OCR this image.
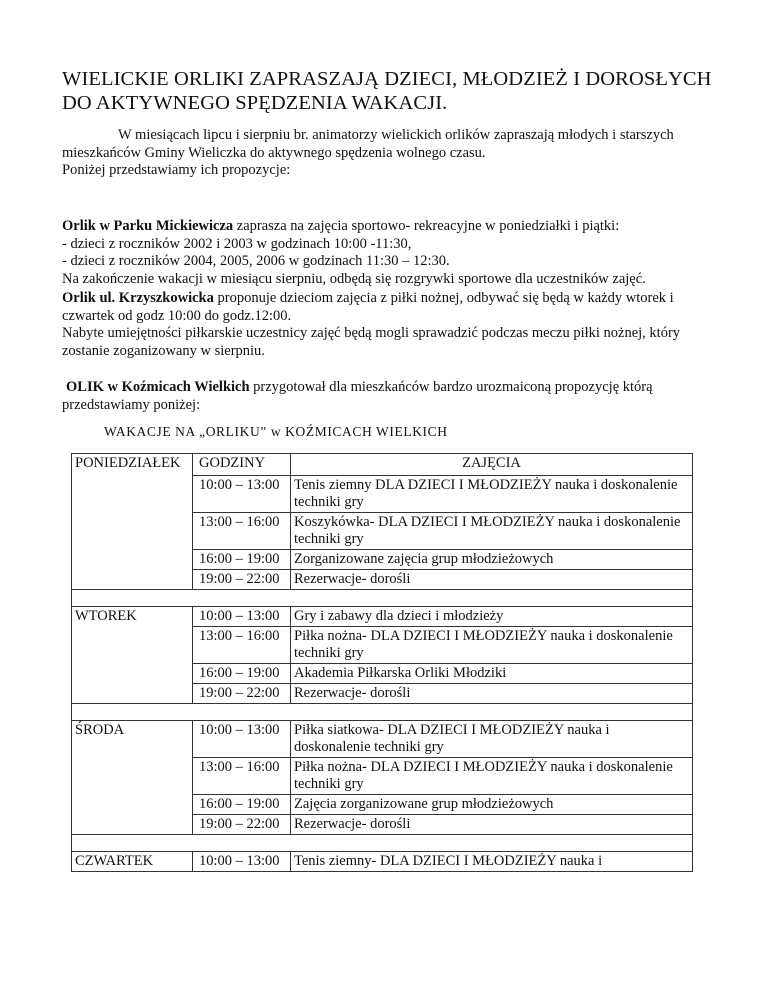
WIELICKIE ORLIKI ZAPRASZAJĄ DZIECI, MŁODZIEŻ I DOROSŁYCH DO AKTYWNEGO SPĘDZENIA WAKACJI.

W miesiącach lipcu i sierpniu br. animatorzy wielickich orlików zapraszają młodych i starszych mieszkańców Gminy Wieliczka do aktywnego spędzenia wolnego czasu.
Poniżej przedstawiamy ich propozycje:

Orlik w Parku Mickiewicza zaprasza na zajęcia sportowo- rekreacyjne w poniedziałki i piątki:
- dzieci z roczników 2002 i 2003 w godzinach 10:00 -11:30,
- dzieci z roczników 2004, 2005, 2006 w godzinach 11:30 – 12:30.
Na zakończenie wakacji w miesiącu sierpniu, odbędą się rozgrywki sportowe dla uczestników zajęć.

Orlik ul. Krzyszkowicka proponuje dzieciom zajęcia z piłki nożnej, odbywać się będą w każdy wtorek i czwartek od godz 10:00 do godz.12:00.
Nabyte umiejętności piłkarskie uczestnicy zajęć będą mogli sprawadzić podczas meczu piłki nożnej, który zostanie zoganizowany w sierpniu.

OLIK w Koźmicach Wielkich przygotował dla mieszkańców bardzo urozmaiconą propozycję którą przedstawiamy poniżej:

WAKACJE NA „ORLIKU” w KOŹMICACH WIELKICH

PONIEDZIAŁEK	GODZINY	ZAJĘCIA
	10:00 – 13:00	Tenis ziemny DLA DZIECI I MŁODZIEŻY nauka i doskonalenie techniki gry
	13:00 – 16:00	Koszykówka- DLA DZIECI I MŁODZIEŻY nauka i doskonalenie techniki gry
	16:00 – 19:00	Zorganizowane zajęcia grup młodzieżowych
	19:00 – 22:00	Rezerwacje- dorośli

WTOREK	10:00 – 13:00	Gry i zabawy dla dzieci i młodzieży
	13:00 – 16:00	Piłka nożna- DLA DZIECI I MŁODZIEŻY nauka i doskonalenie techniki gry
	16:00 – 19:00	Akademia Piłkarska Orliki Młodziki
	19:00 – 22:00	Rezerwacje- dorośli

ŚRODA	10:00 – 13:00	Piłka siatkowa- DLA DZIECI I MŁODZIEŻY nauka i doskonalenie techniki gry
	13:00 – 16:00	Piłka nożna- DLA DZIECI I MŁODZIEŻY nauka i doskonalenie techniki gry
	16:00 – 19:00	Zajęcia zorganizowane grup młodzieżowych
	19:00 – 22:00	Rezerwacje- dorośli

CZWARTEK	10:00 – 13:00	Tenis ziemny- DLA DZIECI I MŁODZIEŻY nauka i
